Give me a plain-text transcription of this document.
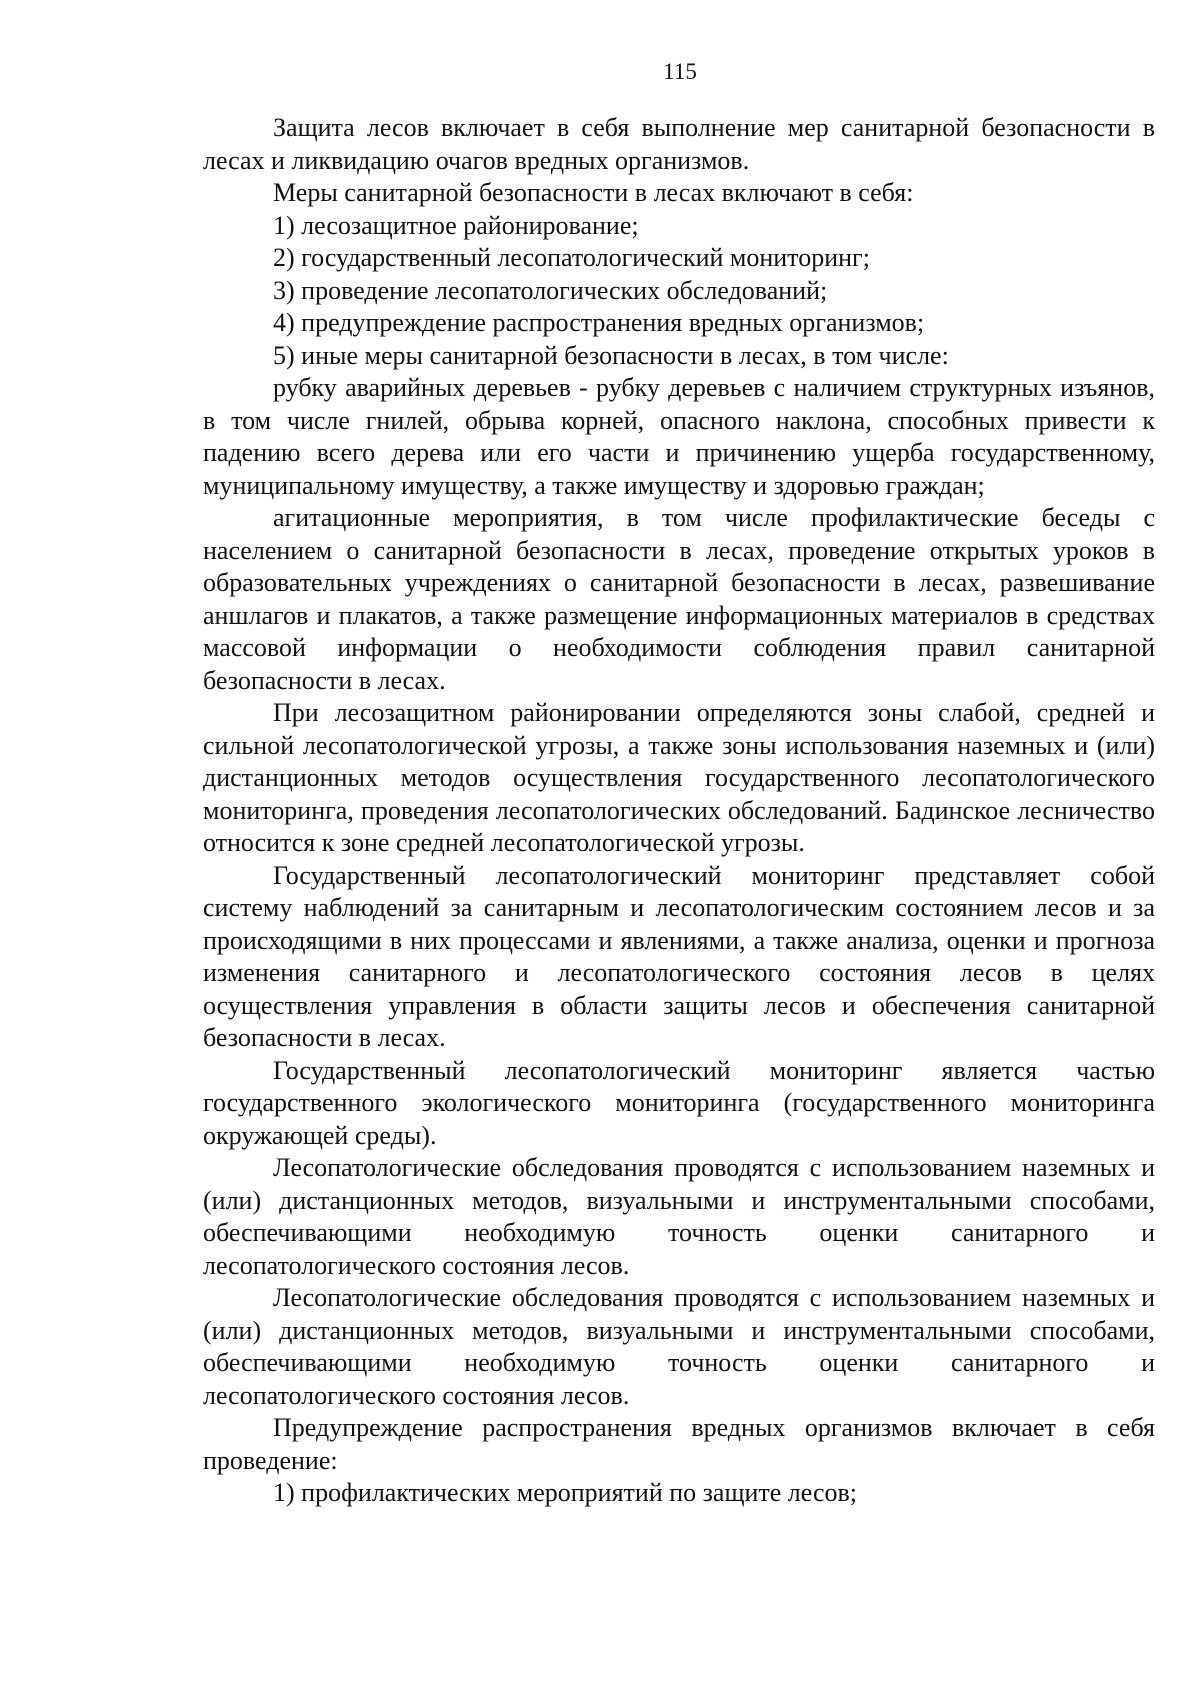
115

Защита лесов включает в себя выполнение мер санитарной безопасности в лесах и ликвидацию очагов вредных организмов.

Меры санитарной безопасности в лесах включают в себя:

1) лесозащитное районирование;

2) государственный лесопатологический мониторинг;

3) проведение лесопатологических обследований;

4) предупреждение распространения вредных организмов;

5) иные меры санитарной безопасности в лесах, в том числе:

рубку аварийных деревьев - рубку деревьев с наличием структурных изъянов, в том числе гнилей, обрыва корней, опасного наклона, способных привести к падению всего дерева или его части и причинению ущерба государственному, муниципальному имуществу, а также имуществу и здоровью граждан;

агитационные мероприятия, в том числе профилактические беседы с населением о санитарной безопасности в лесах, проведение открытых уроков в образовательных учреждениях о санитарной безопасности в лесах, развешивание аншлагов и плакатов, а также размещение информационных материалов в средствах массовой информации о необходимости соблюдения правил санитарной безопасности в лесах.

При лесозащитном районировании определяются зоны слабой, средней и сильной лесопатологической угрозы, а также зоны использования наземных и (или) дистанционных методов осуществления государственного лесопатологического мониторинга, проведения лесопатологических обследований. Бадинское лесничество относится к зоне средней лесопатологической угрозы.

Государственный лесопатологический мониторинг представляет собой систему наблюдений за санитарным и лесопатологическим состоянием лесов и за происходящими в них процессами и явлениями, а также анализа, оценки и прогноза изменения санитарного и лесопатологического состояния лесов в целях осуществления управления в области защиты лесов и обеспечения санитарной безопасности в лесах.

Государственный лесопатологический мониторинг является частью государственного экологического мониторинга (государственного мониторинга окружающей среды).

Лесопатологические обследования проводятся с использованием наземных и (или) дистанционных методов, визуальными и инструментальными способами, обеспечивающими необходимую точность оценки санитарного и лесопатологического состояния лесов.

Лесопатологические обследования проводятся с использованием наземных и (или) дистанционных методов, визуальными и инструментальными способами, обеспечивающими необходимую точность оценки санитарного и лесопатологического состояния лесов.

Предупреждение распространения вредных организмов включает в себя проведение:

1) профилактических мероприятий по защите лесов;
